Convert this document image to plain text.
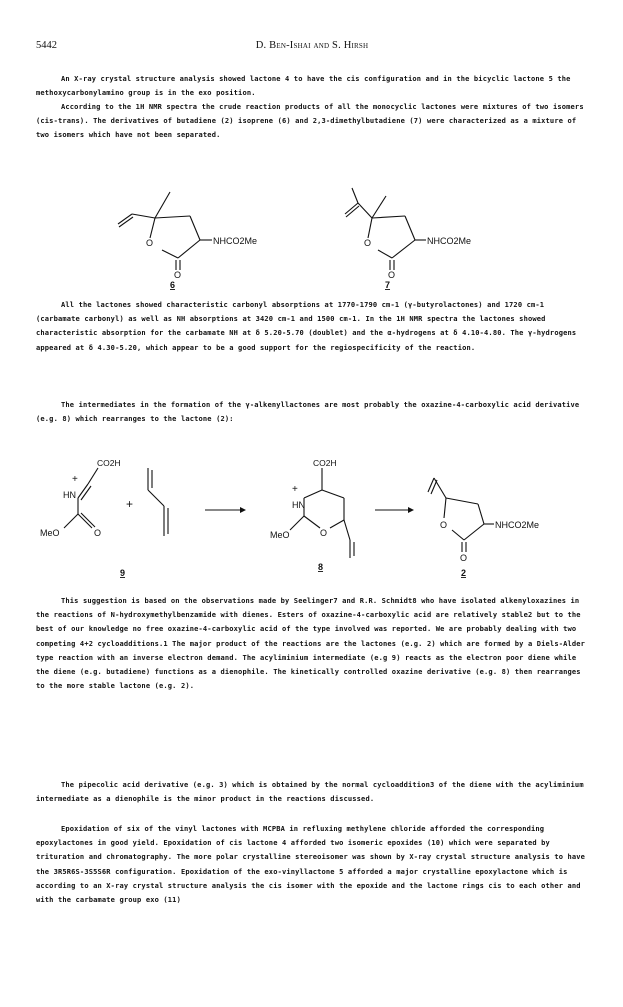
5442	D. Ben-Ishai and S. Hirsh

An X-ray crystal structure analysis showed lactone 4 to have the cis configuration and in the bicyclic lactone 5 the methoxycarbonylamino group is in the exo position.

According to the 1H NMR spectra the crude reaction products of all the monocyclic lactones were mixtures of two isomers (cis-trans). The derivatives of butadiene (2) isoprene (6) and 2,3-dimethylbutadiene (7) were characterized as a mixture of two isomers which have not been separated.

O
O
NHCO2Me
6
O
O
NHCO2Me
7

All the lactones showed characteristic carbonyl absorptions at 1770-1790 cm-1 (γ-butyrolactones) and 1720 cm-1 (carbamate carbonyl) as well as NH absorptions at 3420 cm-1 and 1500 cm-1. In the 1H NMR spectra the lactones showed characteristic absorption for the carbamate NH at δ 5.20-5.70 (doublet) and the α-hydrogens at δ 4.10-4.80. The γ-hydrogens appeared at δ 4.30-5.20, which appear to be a good support for the regiospecificity of the reaction.

The intermediates in the formation of the γ-alkenyllactones are most probably the oxazine-4-carboxylic acid derivative (e.g. 8) which rearranges to the lactone (2):

CO2H
+
HN
MeO	O
9
+
CO2H
+
HN
MeO	O
8
O
O
NHCO2Me
2

This suggestion is based on the observations made by Seelinger7 and R.R. Schmidt8 who have isolated alkenyloxazines in the reactions of N-hydroxymethylbenzamide with dienes. Esters of oxazine-4-carboxylic acid are relatively stable2 but to the best of our knowledge no free oxazine-4-carboxylic acid of the type involved was reported. We are probably dealing with two competing 4+2 cycloadditions.1 The major product of the reactions are the lactones (e.g. 2) which are formed by a Diels-Alder type reaction with an inverse electron demand. The acyliminium intermediate (e.g 9) reacts as the electron poor diene while the diene (e.g. butadiene) functions as a dienophile. The kinetically controlled oxazine derivative (e.g. 8) then rearranges to the more stable lactone (e.g. 2).

The pipecolic acid derivative (e.g. 3) which is obtained by the normal cycloaddition3 of the diene with the acyliminium intermediate as a dienophile is the minor product in the reactions discussed.

Epoxidation of six of the vinyl lactones with MCPBA in refluxing methylene chloride afforded the corresponding epoxylactones in good yield. Epoxidation of cis lactone 4 afforded two isomeric epoxides (10) which were separated by trituration and chromatography. The more polar crystalline stereoisomer was shown by X-ray crystal structure analysis to have the 3R5R6S-3S5S6R configuration. Epoxidation of the exo-vinyllactone 5 afforded a major crystalline epoxylactone which is according to an X-ray crystal structure analysis the cis isomer with the epoxide and the lactone rings cis to each other and with the carbamate group exo (11)
